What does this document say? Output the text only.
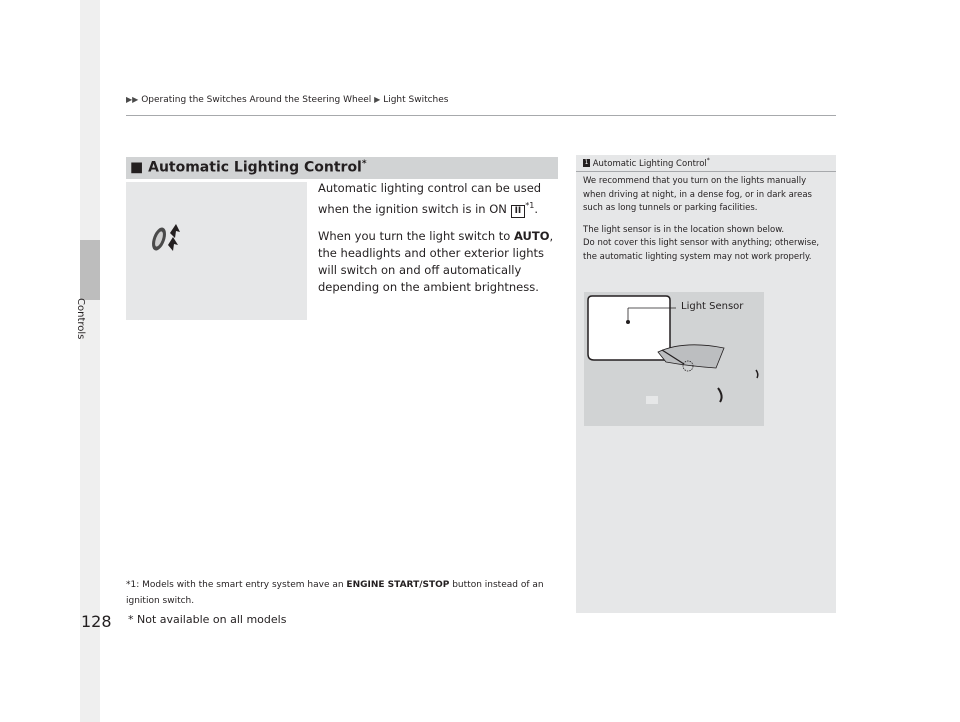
Controls
128
▶▶ Operating the Switches Around the Steering Wheel ▶ Light Switches
■ Automatic Lighting Control*

Automatic lighting control can be used when the ignition switch is in ON II$^{*1}$.

When you turn the light switch to AUTO, the headlights and other exterior lights will switch on and off automatically depending on the ambient brightness.

*1: Models with the smart entry system have an ENGINE START/STOP button instead of an ignition switch.
* Not available on all models
1 Automatic Lighting Control*

We recommend that you turn on the lights manually when driving at night, in a dense fog, or in dark areas such as long tunnels or parking facilities.

The light sensor is in the location shown below.
Do not cover this light sensor with anything; otherwise, the automatic lighting system may not work properly.

Light Sensor
